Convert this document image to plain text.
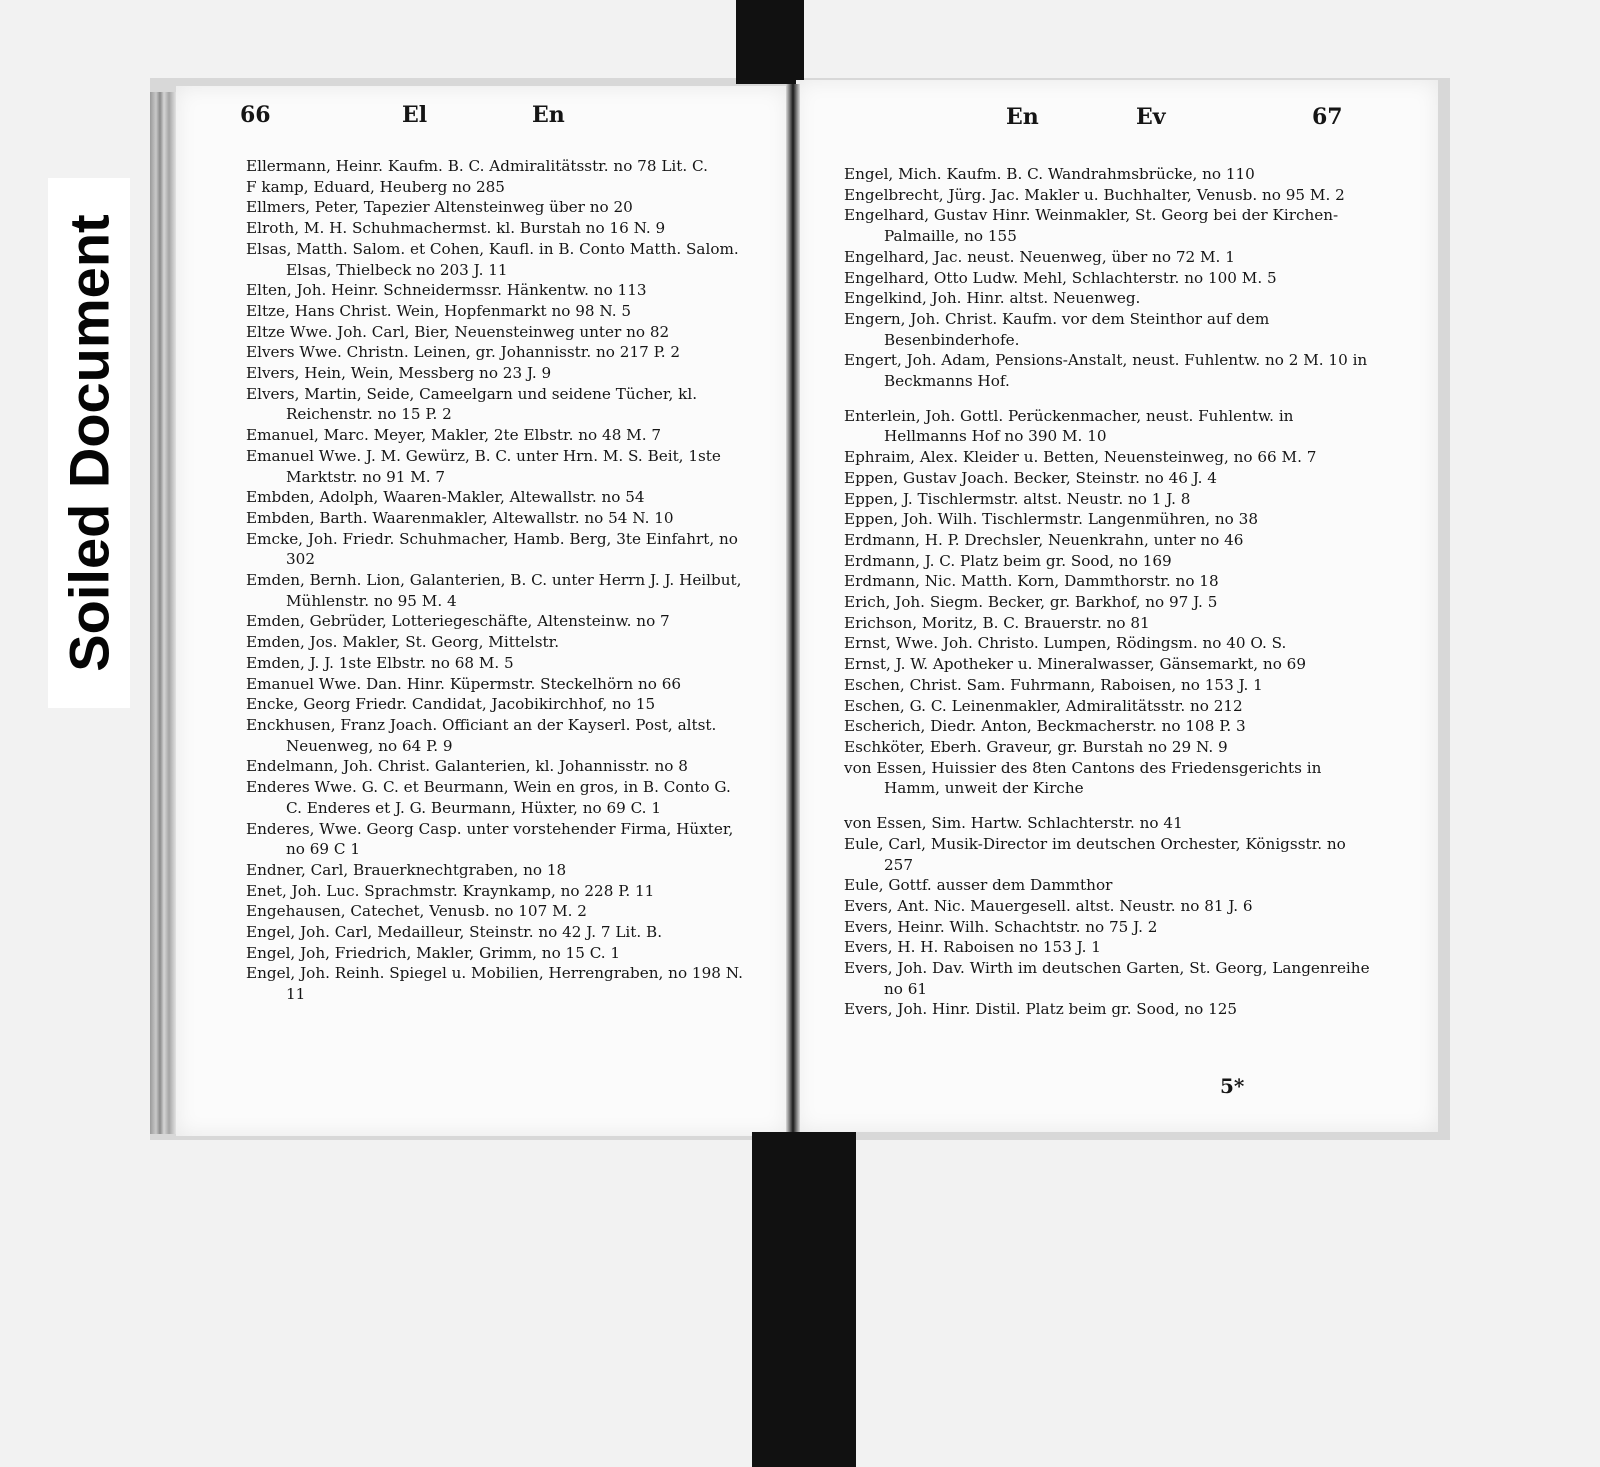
Soiled Document
66	El	En
Ellermann, Heinr. Kaufm. B. C. Admiralitätsstr. no 78 Lit. C.
F kamp, Eduard, Heuberg no 285
Ellmers, Peter, Tapezier Altensteinweg über no 20
Elroth, M. H. Schuhmachermst. kl. Burstah no 16 N. 9
Elsas, Matth. Salom. et Cohen, Kaufl. in B. Conto Matth. Salom. Elsas, Thielbeck no 203 J. 11
Elten, Joh. Heinr. Schneidermssr. Hänkentw. no 113
Eltze, Hans Christ. Wein, Hopfenmarkt no 98 N. 5
Eltze Wwe. Joh. Carl, Bier, Neuensteinweg unter no 82
Elvers Wwe. Christn. Leinen, gr. Johannisstr. no 217 P. 2
Elvers, Hein, Wein, Messberg no 23 J. 9
Elvers, Martin, Seide, Cameelgarn und seidene Tücher, kl. Reichenstr. no 15 P. 2
Emanuel, Marc. Meyer, Makler, 2te Elbstr. no 48 M. 7
Emanuel Wwe. J. M. Gewürz, B. C. unter Hrn. M. S. Beit, 1ste Marktstr. no 91 M. 7
Embden, Adolph, Waaren-Makler, Altewallstr. no 54
Embden, Barth. Waarenmakler, Altewallstr. no 54 N. 10
Emcke, Joh. Friedr. Schuhmacher, Hamb. Berg, 3te Einfahrt, no 302
Emden, Bernh. Lion, Galanterien, B. C. unter Herrn J. J. Heilbut, Mühlenstr. no 95 M. 4
Emden, Gebrüder, Lotteriegeschäfte, Altensteinw. no 7
Emden, Jos. Makler, St. Georg, Mittelstr.
Emden, J. J. 1ste Elbstr. no 68 M. 5
Emanuel Wwe. Dan. Hinr. Küpermstr. Steckelhörn no 66
Encke, Georg Friedr. Candidat, Jacobikirchhof, no 15
Enckhusen, Franz Joach. Officiant an der Kayserl. Post, altst. Neuenweg, no 64 P. 9
Endelmann, Joh. Christ. Galanterien, kl. Johannisstr. no 8
Enderes Wwe. G. C. et Beurmann, Wein en gros, in B. Conto G. C. Enderes et J. G. Beurmann, Hüxter, no 69 C. 1
Enderes, Wwe. Georg Casp. unter vorstehender Firma, Hüxter, no 69 C 1
Endner, Carl, Brauerknechtgraben, no 18
Enet, Joh. Luc. Sprachmstr. Kraynkamp, no 228 P. 11
Engehausen, Catechet, Venusb. no 107 M. 2
Engel, Joh. Carl, Medailleur, Steinstr. no 42 J. 7 Lit. B.
Engel, Joh, Friedrich, Makler, Grimm, no 15 C. 1
Engel, Joh. Reinh. Spiegel u. Mobilien, Herrengraben, no 198 N. 11
En	Ev	67
Engel, Mich. Kaufm. B. C. Wandrahmsbrücke, no 110
Engelbrecht, Jürg. Jac. Makler u. Buchhalter, Venusb. no 95 M. 2
Engelhard, Gustav Hinr. Weinmakler, St. Georg bei der Kirchen-Palmaille, no 155
Engelhard, Jac. neust. Neuenweg, über no 72 M. 1
Engelhard, Otto Ludw. Mehl, Schlachterstr. no 100 M. 5
Engelkind, Joh. Hinr. altst. Neuenweg.
Engern, Joh. Christ. Kaufm. vor dem Steinthor auf dem Besenbinderhofe.
Engert, Joh. Adam, Pensions-Anstalt, neust. Fuhlentw. no 2 M. 10 in Beckmanns Hof.
Enterlein, Joh. Gottl. Perückenmacher, neust. Fuhlentw. in Hellmanns Hof no 390 M. 10
Ephraim, Alex. Kleider u. Betten, Neuensteinweg, no 66 M. 7
Eppen, Gustav Joach. Becker, Steinstr. no 46 J. 4
Eppen, J. Tischlermstr. altst. Neustr. no 1 J. 8
Eppen, Joh. Wilh. Tischlermstr. Langenmühren, no 38
Erdmann, H. P. Drechsler, Neuenkrahn, unter no 46
Erdmann, J. C. Platz beim gr. Sood, no 169
Erdmann, Nic. Matth. Korn, Dammthorstr. no 18
Erich, Joh. Siegm. Becker, gr. Barkhof, no 97 J. 5
Erichson, Moritz, B. C. Brauerstr. no 81
Ernst, Wwe. Joh. Christo. Lumpen, Rödingsm. no 40 O. S.
Ernst, J. W. Apotheker u. Mineralwasser, Gänsemarkt, no 69
Eschen, Christ. Sam. Fuhrmann, Raboisen, no 153 J. 1
Eschen, G. C. Leinenmakler, Admiralitätsstr. no 212
Escherich, Diedr. Anton, Beckmacherstr. no 108 P. 3
Eschköter, Eberh. Graveur, gr. Burstah no 29 N. 9
von Essen, Huissier des 8ten Cantons des Friedensgerichts in Hamm, unweit der Kirche
von Essen, Sim. Hartw. Schlachterstr. no 41
Eule, Carl, Musik-Director im deutschen Orchester, Königsstr. no 257
Eule, Gottf. ausser dem Dammthor
Evers, Ant. Nic. Mauergesell. altst. Neustr. no 81 J. 6
Evers, Heinr. Wilh. Schachtstr. no 75 J. 2
Evers, H. H. Raboisen no 153 J. 1
Evers, Joh. Dav. Wirth im deutschen Garten, St. Georg, Langenreihe no 61
Evers, Joh. Hinr. Distil. Platz beim gr. Sood, no 125
5*
